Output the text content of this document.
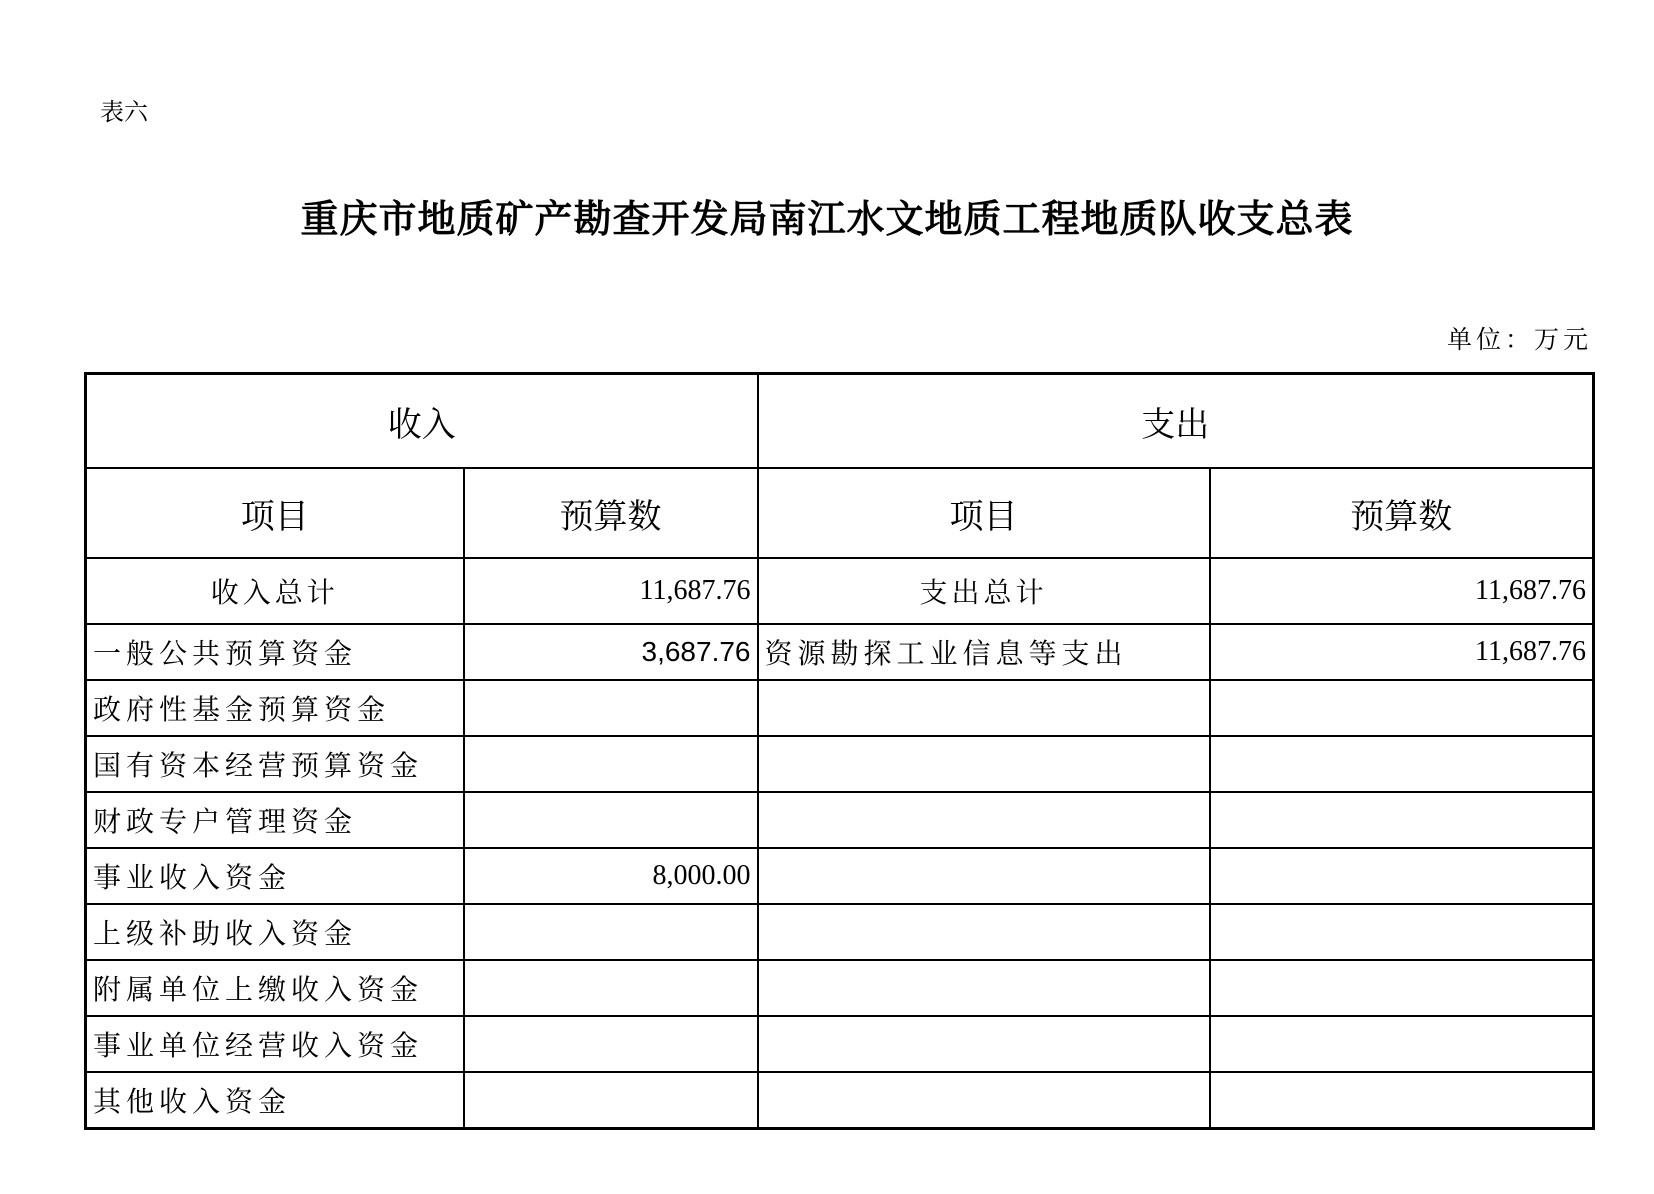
表六
重庆市地质矿产勘查开发局南江水文地质工程地质队收支总表
单位：万元
收入		支出	
项目	预算数	项目	预算数
收入总计	11,687.76	支出总计	11,687.76
一般公共预算资金	3,687.76	资源勘探工业信息等支出	11,687.76
政府性基金预算资金			
国有资本经营预算资金			
财政专户管理资金			
事业收入资金	8,000.00		
上级补助收入资金			
附属单位上缴收入资金			
事业单位经营收入资金			
其他收入资金			
